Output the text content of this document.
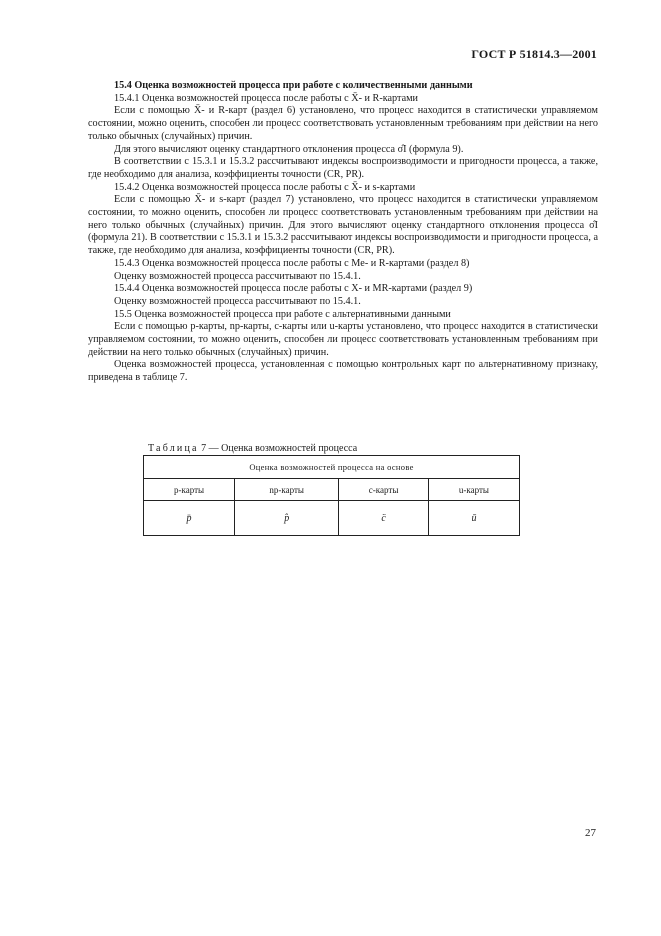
ГОСТ Р 51814.3—2001

15.4 Оценка возможностей процесса при работе с количественными данными

15.4.1 Оценка возможностей процесса после работы с X̄- и R-картами

Если с помощью X̄- и R-карт (раздел 6) установлено, что процесс находится в статистически управляемом состоянии, можно оценить, способен ли процесс соответствовать установленным требованиям при действии на него только обычных (случайных) причин.

Для этого вычисляют оценку стандартного отклонения процесса σ̂I (формула 9).

В соответствии с 15.3.1 и 15.3.2 рассчитывают индексы воспроизводимости и пригодности процесса, а также, где необходимо для анализа, коэффициенты точности (CR, PR).

15.4.2 Оценка возможностей процесса после работы с X̄- и s-картами

Если с помощью X̄- и s-карт (раздел 7) установлено, что процесс находится в статистически управляемом состоянии, то можно оценить, способен ли процесс соответствовать установленным требованиям при действии на него только обычных (случайных) причин. Для этого вычисляют оценку стандартного отклонения процесса σ̂I (формула 21). В соответствии с 15.3.1 и 15.3.2 рассчитывают индексы воспроизводимости и пригодности процесса, а также, где необходимо для анализа, коэффициенты точности (CR, PR).

15.4.3 Оценка возможностей процесса после работы с Me- и R-картами (раздел 8)

Оценку возможностей процесса рассчитывают по 15.4.1.

15.4.4 Оценка возможностей процесса после работы с X- и MR-картами (раздел 9)

Оценку возможностей процесса рассчитывают по 15.4.1.

15.5 Оценка возможностей процесса при работе с альтернативными данными

Если с помощью p-карты, np-карты, c-карты или u-карты установлено, что процесс находится в статистически управляемом состоянии, то можно оценить, способен ли процесс соответствовать установленным требованиям при действии на него только обычных (случайных) причин.

Оценка возможностей процесса, установленная с помощью контрольных карт по альтернативному признаку, приведена в таблице 7.

Таблица 7 — Оценка возможностей процесса
Оценка возможностей процесса на основе			
p-карты	np-карты	c-карты	u-карты
p̈	p̂	c̈	ū
27
